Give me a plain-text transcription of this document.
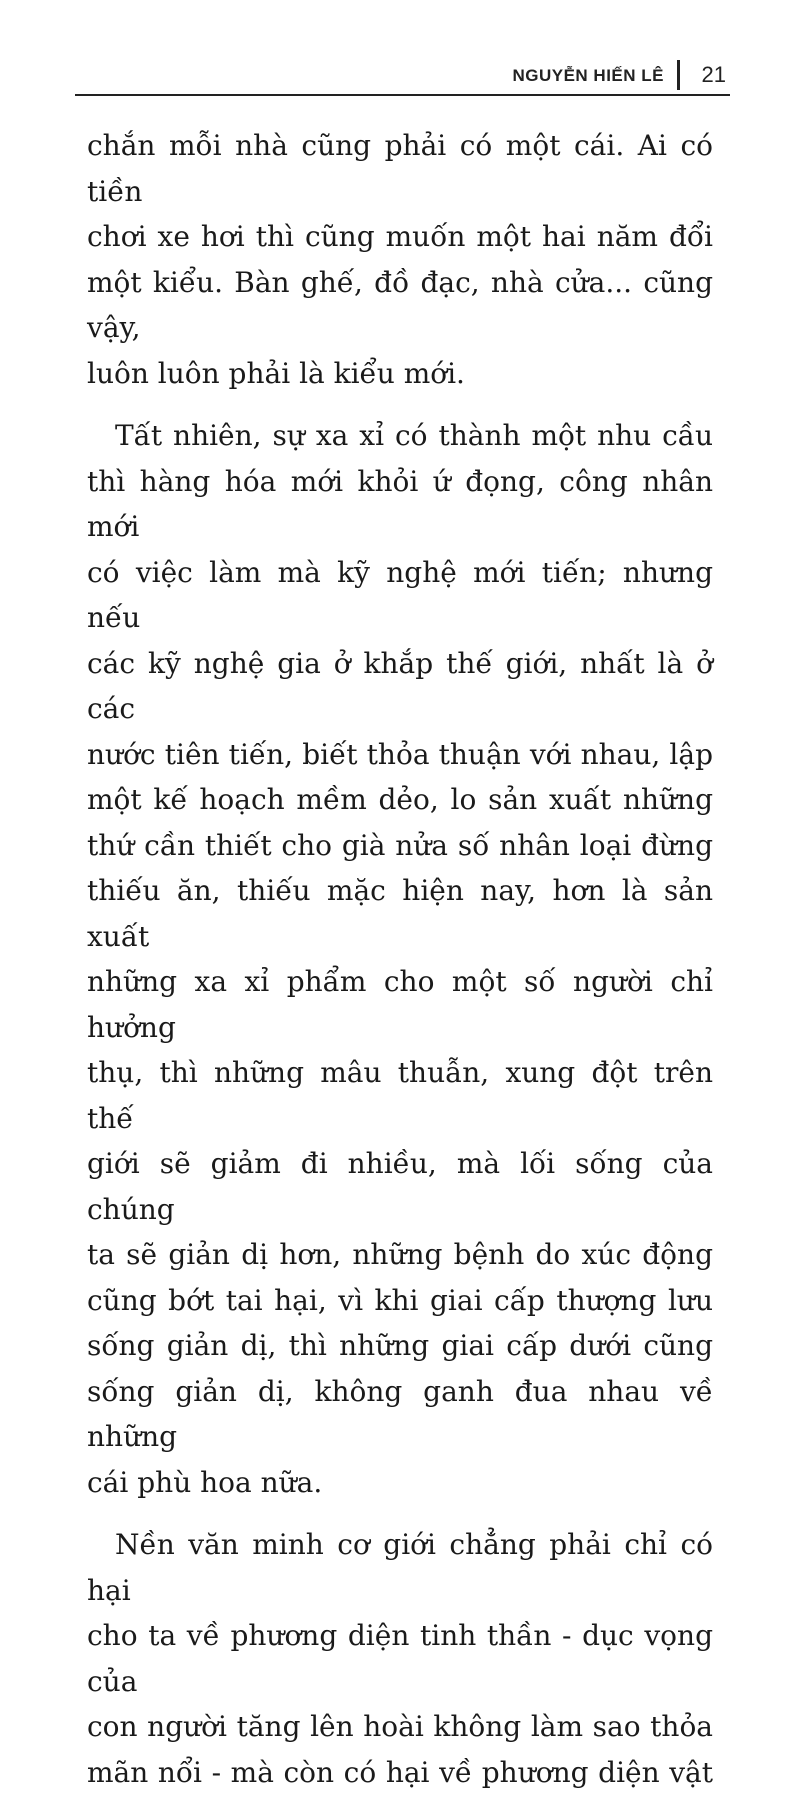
NGUYỄN HIẾN LÊ 21

chắn mỗi nhà cũng phải có một cái. Ai có tiền

chơi xe hơi thì cũng muốn một hai năm đổi

một kiểu. Bàn ghế, đồ đạc, nhà cửa... cũng vậy,

luôn luôn phải là kiểu mới.

Tất nhiên, sự xa xỉ có thành một nhu cầu

thì hàng hóa mới khỏi ứ đọng, công nhân mới

có việc làm mà kỹ nghệ mới tiến; nhưng nếu

các kỹ nghệ gia ở khắp thế giới, nhất là ở các

nước tiên tiến, biết thỏa thuận với nhau, lập

một kế hoạch mềm dẻo, lo sản xuất những

thứ cần thiết cho già nửa số nhân loại đừng

thiếu ăn, thiếu mặc hiện nay, hơn là sản xuất

những xa xỉ phẩm cho một số người chỉ hưởng

thụ, thì những mâu thuẫn, xung đột trên thế

giới sẽ giảm đi nhiều, mà lối sống của chúng

ta sẽ giản dị hơn, những bệnh do xúc động

cũng bớt tai hại, vì khi giai cấp thượng lưu

sống giản dị, thì những giai cấp dưới cũng

sống giản dị, không ganh đua nhau về những

cái phù hoa nữa.

Nền văn minh cơ giới chẳng phải chỉ có hại

cho ta về phương diện tinh thần - dục vọng của

con người tăng lên hoài không làm sao thỏa

mãn nổi - mà còn có hại về phương diện vật
